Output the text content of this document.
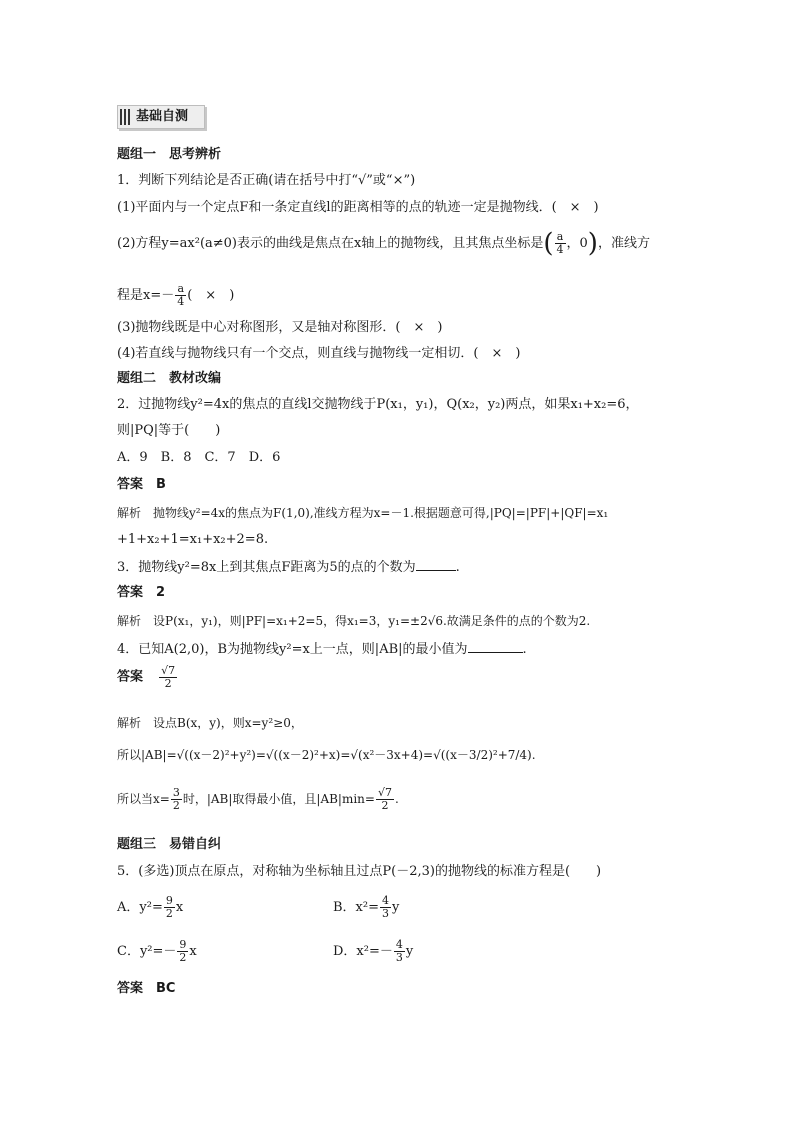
基础自测
题组一　思考辨析
1．判断下列结论是否正确(请在括号中打“√”或“×”)
(1)平面内与一个定点F和一条定直线l的距离相等的点的轨迹一定是抛物线．(　×　)
(2)方程y=ax²(a≠0)表示的曲线是焦点在x轴上的抛物线，且其焦点坐标是( $\frac{a}{4}$ ，0)，准线方
程是$x=- \frac{a}{4}$ (　×　)
(3)抛物线既是中心对称图形，又是轴对称图形．(　×　)
(4)若直线与抛物线只有一个交点，则直线与抛物线一定相切．(　×　)
题组二　教材改编
2．过抛物线y²=4x的焦点的直线l交抛物线于P(x₁，y₁)，Q(x₂，y₂)两点，如果x₁+x₂=6，
则|PQ|等于(　　)
A．9　B．8　C．7　D．6
答案　B
解析　抛物线y²=4x的焦点为F(1,0),准线方程为x=－1.根据题意可得,|PQ|=|PF|+|QF|=x₁
+1+x₂+1=x₁+x₂+2=8.
3．抛物线y²=8x上到其焦点F距离为5的点的个数为	.
答案　2
解析　设P(x₁，y₁)，则|PF|=x₁+2=5，得x₁=3，y₁=±2√6.故满足条件的点的个数为2.
4．已知A(2,0)，B为抛物线y²=x上一点，则|AB|的最小值为	.
答案 $\frac{√7}{2}$
解析　设点B(x，y)，则x=y²≥0，
所以|AB|=√((x－2)²+y²)=√((x－2)²+x)=√(x²－3x+4)=√((x－3/2)²+7/4).
所以当$x= \frac{3}{2}$ 时，|AB|取得最小值，且$|AB|\min= \frac{√7}{2}$ .
题组三　易错自纠
5．(多选)顶点在原点，对称轴为坐标轴且过点P(－2,3)的抛物线的标准方程是(　　)
A．$y^2= \frac{9}{2}$ x	B．$x^2= \frac{4}{3}$ y
C．$y^2=- \frac{9}{2}$ x	D．$x^2=- \frac{4}{3}$ y
答案　BC
